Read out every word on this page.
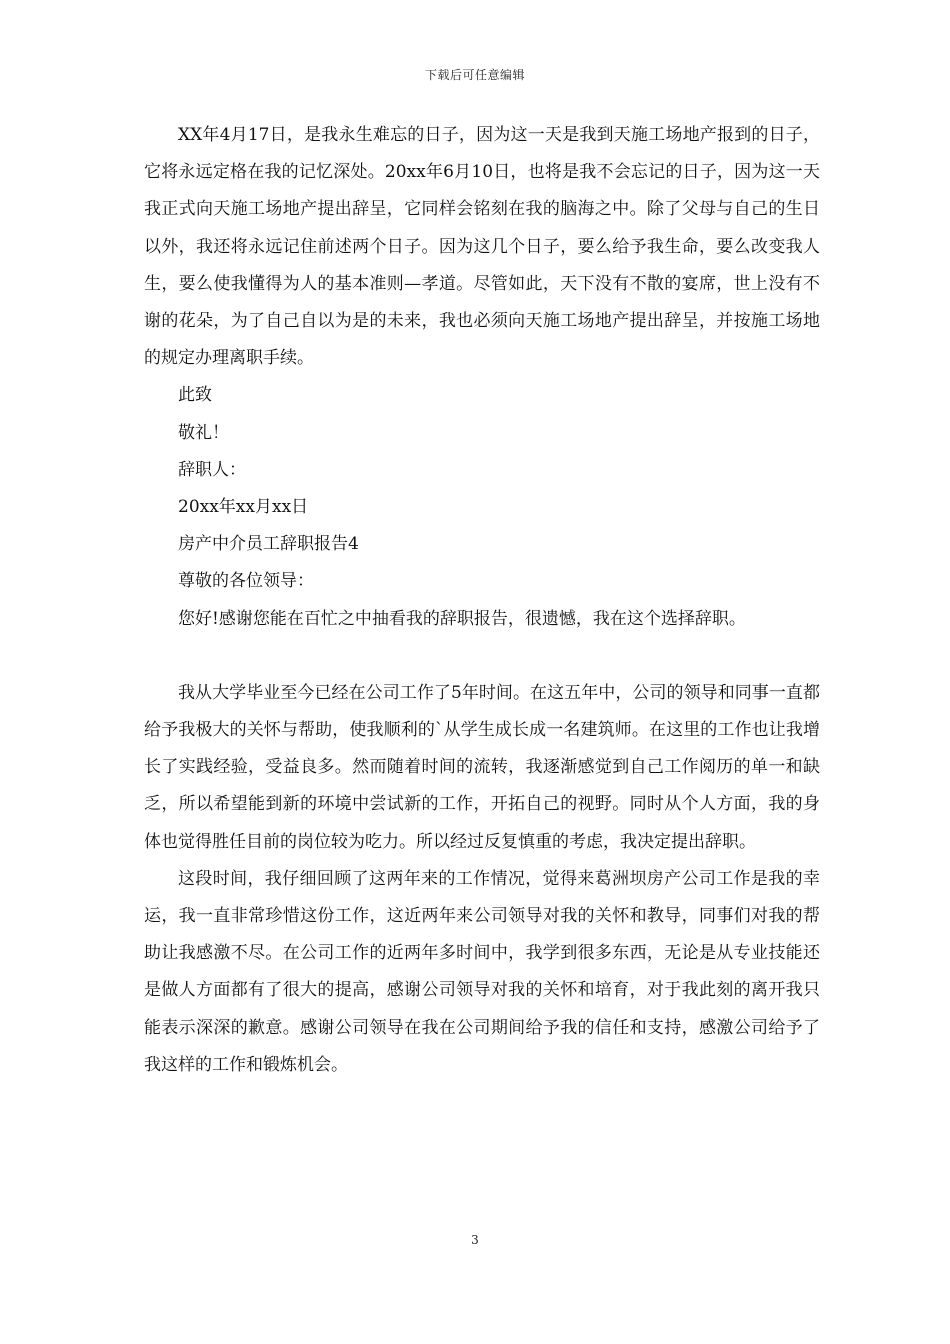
下载后可任意编辑

XX年4月17日，是我永生难忘的日子，因为这一天是我到天施工场地产报到的日子，它将永远定格在我的记忆深处。20xx年6月10日，也将是我不会忘记的日子，因为这一天我正式向天施工场地产提出辞呈，它同样会铭刻在我的脑海之中。除了父母与自己的生日以外，我还将永远记住前述两个日子。因为这几个日子，要么给予我生命，要么改变我人生，要么使我懂得为人的基本准则—孝道。尽管如此，天下没有不散的宴席，世上没有不谢的花朵，为了自己自以为是的未来，我也必须向天施工场地产提出辞呈，并按施工场地的规定办理离职手续。

此致

敬礼！

辞职人：

20xx年xx月xx日

房产中介员工辞职报告4

尊敬的各位领导：

您好!感谢您能在百忙之中抽看我的辞职报告，很遗憾，我在这个选择辞职。

我从大学毕业至今已经在公司工作了5年时间。在这五年中，公司的领导和同事一直都给予我极大的关怀与帮助，使我顺利的`从学生成长成一名建筑师。在这里的工作也让我增长了实践经验，受益良多。然而随着时间的流转，我逐渐感觉到自己工作阅历的单一和缺乏，所以希望能到新的环境中尝试新的工作，开拓自己的视野。同时从个人方面，我的身体也觉得胜任目前的岗位较为吃力。所以经过反复慎重的考虑，我决定提出辞职。

这段时间，我仔细回顾了这两年来的工作情况，觉得来葛洲坝房产公司工作是我的幸运，我一直非常珍惜这份工作，这近两年来公司领导对我的关怀和教导，同事们对我的帮助让我感激不尽。在公司工作的近两年多时间中，我学到很多东西，无论是从专业技能还是做人方面都有了很大的提高，感谢公司领导对我的关怀和培育，对于我此刻的离开我只能表示深深的歉意。感谢公司领导在我在公司期间给予我的信任和支持，感激公司给予了我这样的工作和锻炼机会。

3
